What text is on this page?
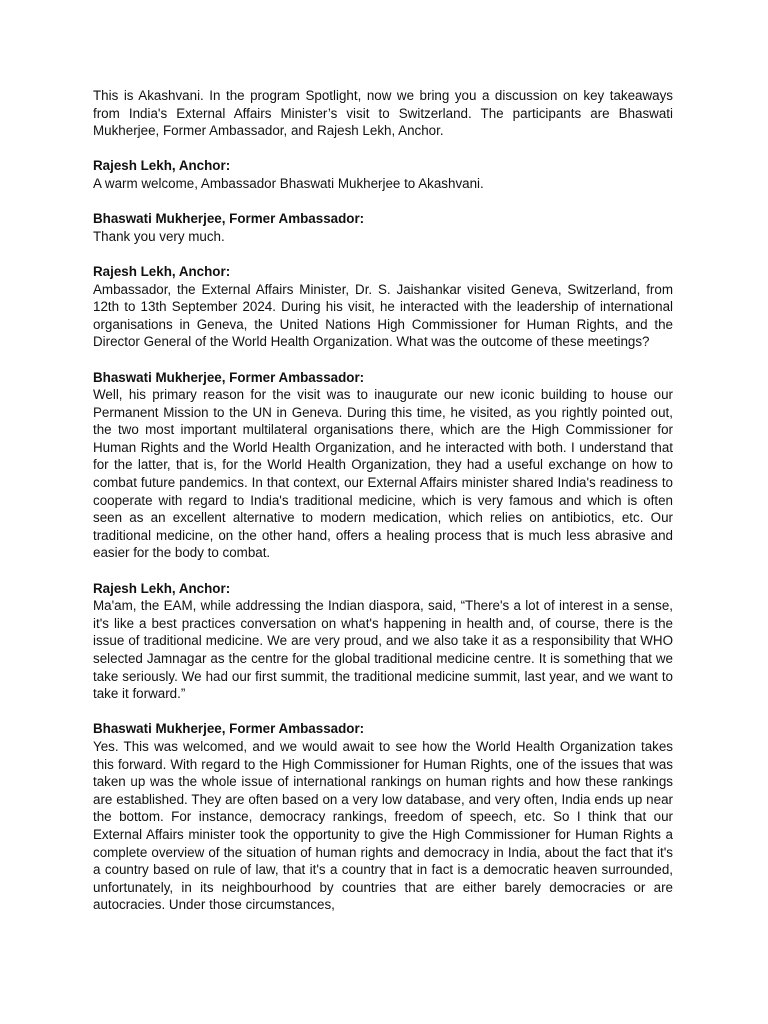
This is Akashvani. In the program Spotlight, now we bring you a discussion on key takeaways from India's External Affairs Minister’s visit to Switzerland. The participants are Bhaswati Mukherjee, Former Ambassador, and Rajesh Lekh, Anchor.

Rajesh Lekh, Anchor:
A warm welcome, Ambassador Bhaswati Mukherjee to Akashvani.
Bhaswati Mukherjee, Former Ambassador:
Thank you very much.
Rajesh Lekh, Anchor:
Ambassador, the External Affairs Minister, Dr. S. Jaishankar visited Geneva, Switzerland, from 12th to 13th September 2024. During his visit, he interacted with the leadership of international organisations in Geneva, the United Nations High Commissioner for Human Rights, and the Director General of the World Health Organization. What was the outcome of these meetings?
Bhaswati Mukherjee, Former Ambassador:
Well, his primary reason for the visit was to inaugurate our new iconic building to house our Permanent Mission to the UN in Geneva. During this time, he visited, as you rightly pointed out, the two most important multilateral organisations there, which are the High Commissioner for Human Rights and the World Health Organization, and he interacted with both. I understand that for the latter, that is, for the World Health Organization, they had a useful exchange on how to combat future pandemics. In that context, our External Affairs minister shared India's readiness to cooperate with regard to India's traditional medicine, which is very famous and which is often seen as an excellent alternative to modern medication, which relies on antibiotics, etc. Our traditional medicine, on the other hand, offers a healing process that is much less abrasive and easier for the body to combat.
Rajesh Lekh, Anchor:
Ma'am, the EAM, while addressing the Indian diaspora, said, “There's a lot of interest in a sense, it's like a best practices conversation on what's happening in health and, of course, there is the issue of traditional medicine. We are very proud, and we also take it as a responsibility that WHO selected Jamnagar as the centre for the global traditional medicine centre. It is something that we take seriously. We had our first summit, the traditional medicine summit, last year, and we want to take it forward.”
Bhaswati Mukherjee, Former Ambassador:
Yes. This was welcomed, and we would await to see how the World Health Organization takes this forward. With regard to the High Commissioner for Human Rights, one of the issues that was taken up was the whole issue of international rankings on human rights and how these rankings are established. They are often based on a very low database, and very often, India ends up near the bottom. For instance, democracy rankings, freedom of speech, etc. So I think that our External Affairs minister took the opportunity to give the High Commissioner for Human Rights a complete overview of the situation of human rights and democracy in India, about the fact that it's a country based on rule of law, that it's a country that in fact is a democratic heaven surrounded, unfortunately, in its neighbourhood by countries that are either barely democracies or are autocracies. Under those circumstances,
